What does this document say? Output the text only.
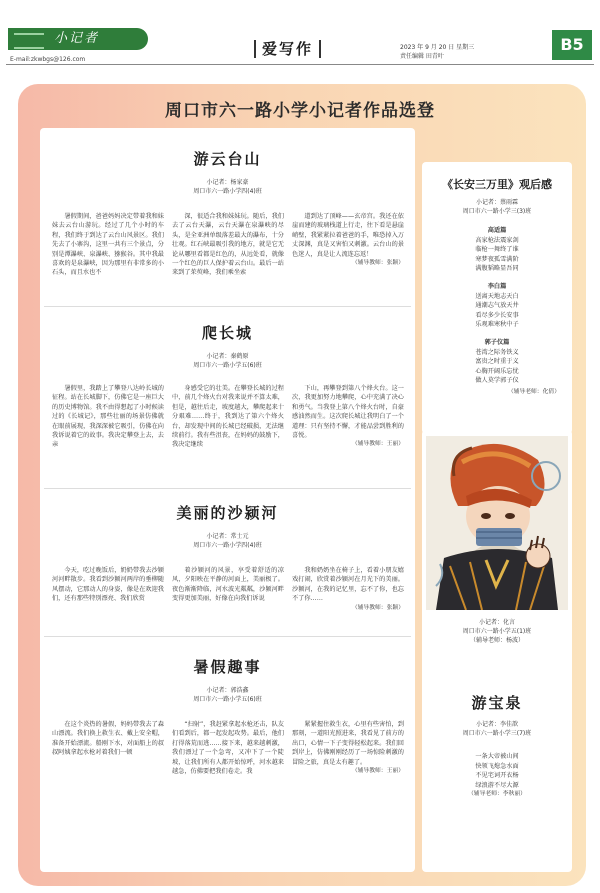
小记者
E-mail:zkwbgs@126.com
爱写作	2023 年 9 月 20 日 星期三
责任编辑 田青叶
B5
周口市六一路小学小记者作品选登
游云台山
小记者：杨家豪
周口市六一路小学四(4)班

暑假期间，爸爸妈妈决定带着我和妹妹去云台山游玩。经过了几个小时的车程，我们终于到达了云台山风景区。我们先去了小寨沟，这里一共有三个景点，分别是潭瀑峡、泉瀑峡、猕猴谷。其中我最喜欢的是泉瀑峡，因为那里有非常多的小石头，而且水也不

深，很适合我和妹妹玩。随后，我们去了云台天瀑，云台天瀑在泉瀑峡的尽头，是全亚洲单级落差最大的瀑布，十分壮观。红石峡最吸引我的地方，就是它无论从哪里看都是红色的，从远处看，就像一个红色的巨人保护着云台山。最后一站来到了茱萸峰，我们乘坐索

道到达了顶峰——玄帝宫。我还在依崖而建的玻璃栈道上行走，往下看是悬崖峭壁，我紧紧拉着爸爸的手，唯恐掉入万丈深渊，真是又害怕又刺激。云台山的景色迷人，真是让人流连忘返！

（辅导教师：张颖）
爬长城
小记者：秦鹤原
周口市六一路小学五(6)班

暑假里，我踏上了攀登八达岭长城的征程。站在长城脚下，仿佛它是一座巨大的历史博物馆。我不由得想起了小时候读过的《长城记》，那些壮丽的场景仿佛就在眼前展现，我深深被它吸引，仿佛在向我诉说着它的故事。我决定攀登上去，去亲

身感受它的壮美。在攀登长城的过程中，前几个烽火台对我来说并不算太难，但是，越往后走，坡度越大，攀爬起来十分艰难……终于，我到达了第六个烽火台，却发现中间的长城已经破损，无法继续前行。我有些沮丧，在妈妈的鼓励下，我决定继续

下山，再攀登到第八个烽火台。这一次，我更加努力地攀爬，心中充满了决心和勇气。当我登上第八个烽火台时，自豪感油然而生。这次爬长城让我明白了一个道理：只有坚持不懈，才能品尝到胜利的喜悦。

（辅导教师：王丽）
美丽的沙颍河
小记者：常士元
周口市六一路小学四(4)班

今天，吃过晚饭后，奶奶带我去沙颍河河畔散步。我看到沙颍河两岸的垂柳随风摆动，它那动人的身姿，像是在欢迎我们，还有那些特别漂亮、我们欣赏

着沙颍河的风景，享受着舒适的凉风，夕阳映在平静的河面上，美丽极了。夜色渐渐降临，河水波光粼粼，沙颍河畔变得更加美丽，好像在向我们诉说

我和奶奶坐在椅子上，看着小朋友嬉戏打闹，欣赏着沙颍河在月光下的美丽。沙颍河，在我的记忆里，忘不了你，也忘不了你……

（辅导教师：张颖）
暑假趣事
小记者：郭浩鑫
周口市六一路小学五(6)班

在这个炎热的暑假，妈妈带我去了森山漂流。我们换上救生衣、戴上安全帽，准备开始漂流。船刚下水，对面船上的叔叔阿姨拿起水枪对着我们一顿

“扫射”，我赶紧拿起水枪还击，队友们看到后，都一起发起攻势。最后，他们打得落荒而逃……接下来，越来越刺激，我们漂过了一个急弯，又冲下了一个陡坡，让我们所有人都开始惊呼，河水越来越急，仿佛要把我们卷走。我

紧紧握住救生衣，心里有些害怕，到那刻，一道阳光照进来，我看见了前方的出口，心情一下子变得轻松起来。我们回到岸上，仿佛刚刚经历了一场惊险刺激的冒险之旅，真是太有趣了。

（辅导教师：王丽）
《长安三万里》观后感
小记者：蔡雨霖
周口市六一路小学三(3)班
高适篇
高家枪法震家剑
临枪一舞终了谁
寒梦夜孤雪满阶
满腹韬略显吾同
李白篇
送离天地志天白
通潮志气放天井
看尽多少长安事
乐观难寒秋中子
郭子仪篇
苍湾之际务铁义
富贵之时重于义
心胸开阔乐忘忧
做人莫学郭子仪
（辅导老师：化倩）
小记者：化言
周口市六一路小学五(1)班
（辅导老师：杨波）
游宝泉
小记者：李佳歆
周口市六一路小学三(7)班
一条大帝被山间
快领飞熄急水面
不见宅词开衣杨
绿浪游不尽大源
（辅导老师：李秋丽）
